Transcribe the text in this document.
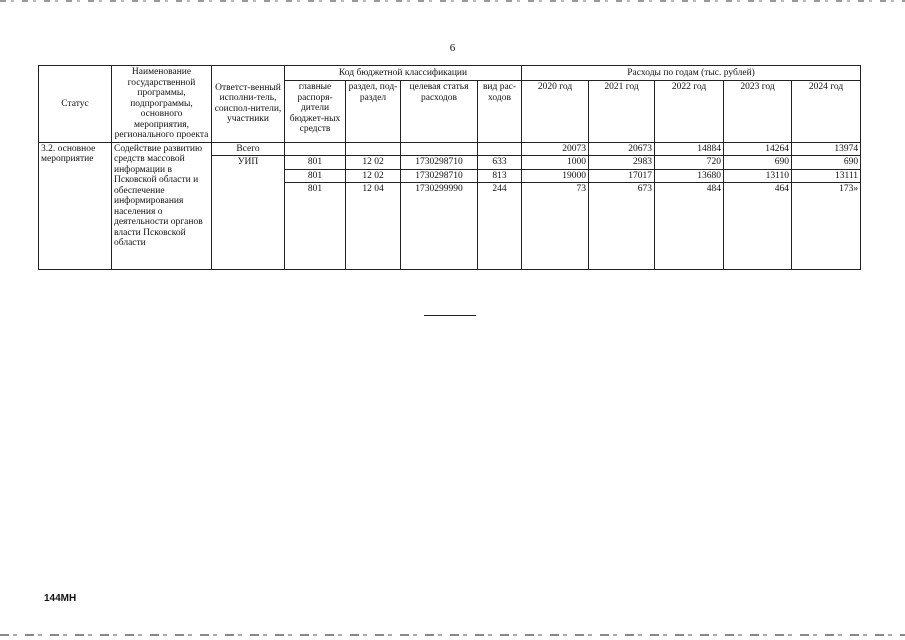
6
Статус	Наименование государственной программы, подпрограммы, основного мероприятия, регионального проекта	Ответст-венный исполни-тель, соиспол-нители, участники	Код бюджетной классификации				Расходы по годам (тыс. рублей)				
			главные распоря-дители бюджет-ных средств	раздел, под-раздел	целевая статья расходов	вид рас-ходов	2020 год	2021 год	2022 год	2023 год	2024 год
3.2. основное мероприятие	Содействие развитию средств массовой информации в Псковской области и обеспечение информирования населения о деятельности органов власти Псковской области	Всего					20073	20673	14884	14264	13974
		УИП	801	12 02	1730298710	633	1000	2983	720	690	690
			801	12 02	1730298710	813	19000	17017	13680	13110	13111
			801	12 04	1730299990	244	73	673	484	464	173»
144МН
